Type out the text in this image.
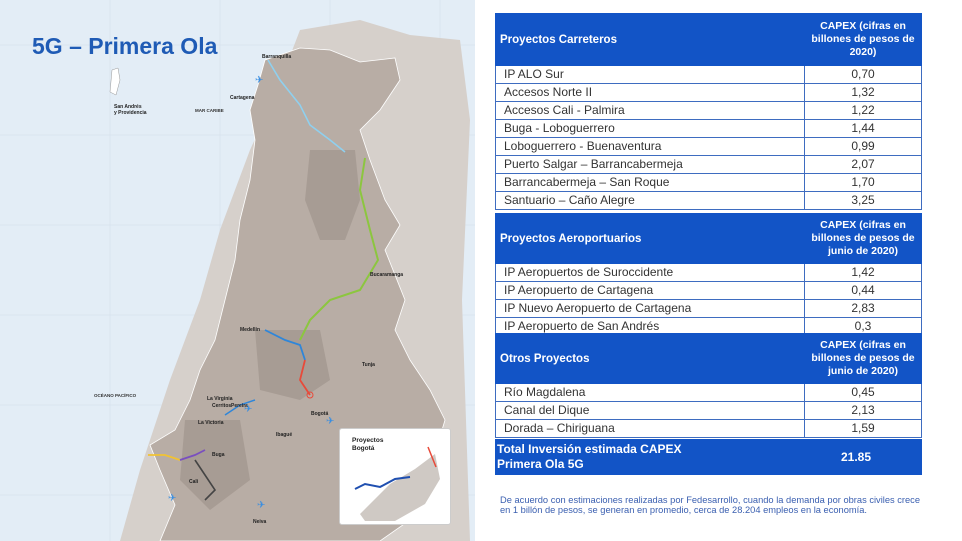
5G – Primera Ola	Barranquilla
Cartagena
San Andrés
y Providencia	MAR CARIBE
Bucaramanga
Medellín
Tunja
La Virginia
Cerritos Pereira
La Victoria
Ibagué
Bogotá
OCÉANO PACÍFICO
Cali
Neiva
Buga
✈
✈
✈
✈
✈
Proyectos
Bogotá
Proyectos Carreteros	CAPEX (cifras en billones de pesos de 2020)
IP ALO Sur	0,70
Accesos Norte II	1,32
Accesos Cali - Palmira	1,22
Buga - Loboguerrero	1,44
Loboguerrero - Buenaventura	0,99
Puerto Salgar – Barrancabermeja	2,07
Barrancabermeja – San Roque	1,70
Santuario – Caño Alegre	3,25
Proyectos Aeroportuarios	CAPEX (cifras en billones de pesos de junio de 2020)
IP Aeropuertos de Suroccidente	1,42
IP Aeropuerto de Cartagena	0,44
IP Nuevo Aeropuerto de Cartagena	2,83
IP Aeropuerto de San Andrés	0,3
Otros Proyectos	CAPEX (cifras en billones de pesos de junio de 2020)
Río Magdalena	0,45
Canal del Dique	2,13
Dorada – Chiriguana	1,59
Total Inversión estimada CAPEX Primera Ola 5G	21.85

De acuerdo con estimaciones realizadas por Fedesarrollo, cuando la demanda por obras civiles crece en 1 billón de pesos, se generan en promedio, cerca de 28.204 empleos en la economía.
